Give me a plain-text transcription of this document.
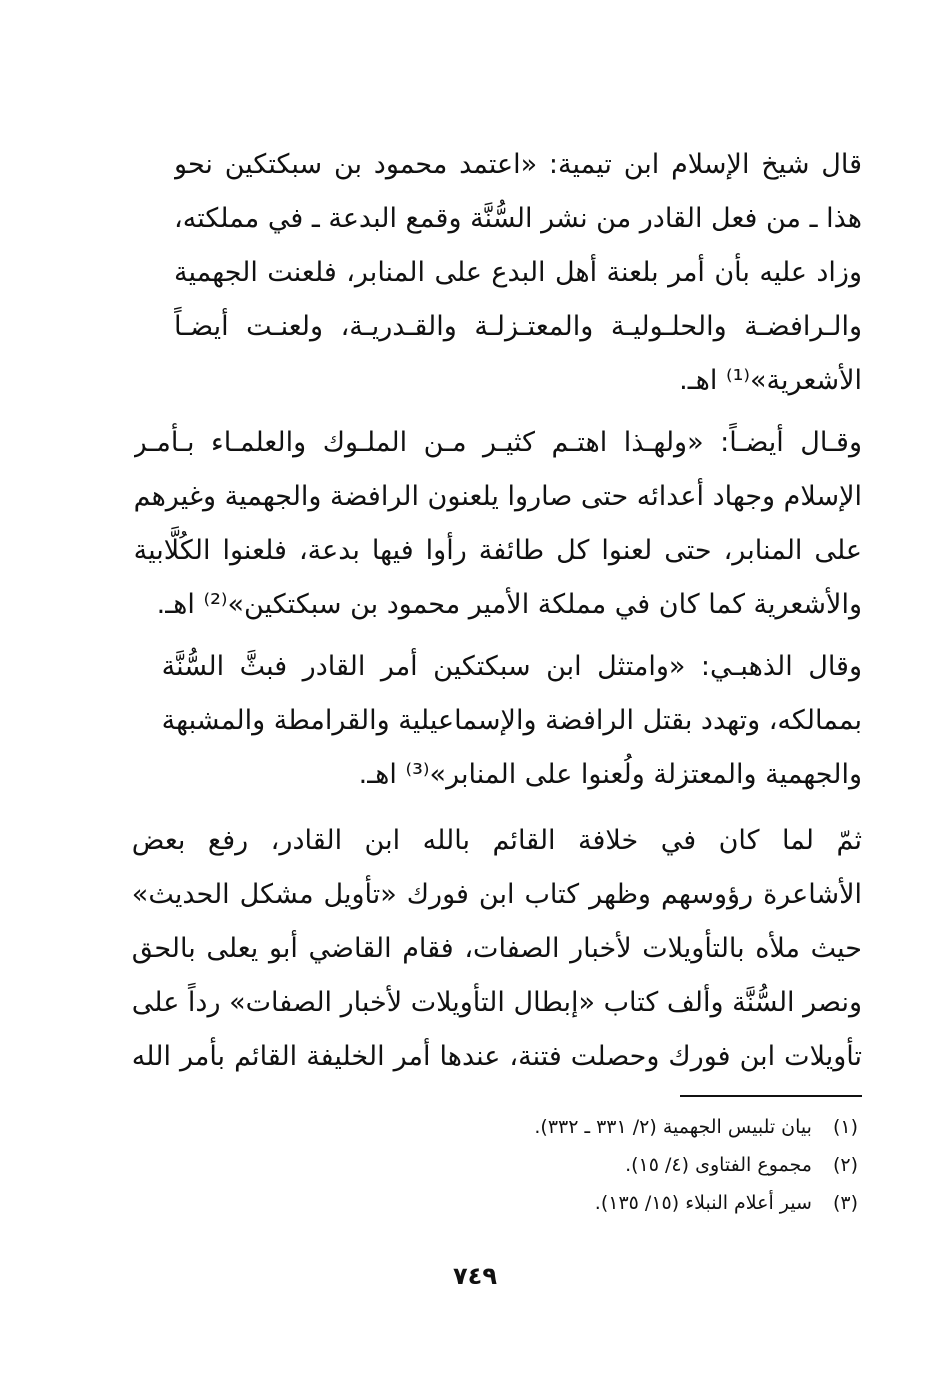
قال شيخ الإسلام ابن تيمية: «اعتمد محمود بن سبكتكين نحو
هذا ـ من فعل القادر من نشر السُّنَّة وقمع البدعة ـ في مملكته،
وزاد عليه بأن أمر بلعنة أهل البدع على المنابر، فلعنت الجهمية
والـرافضـة والحلـوليـة والمعتـزلـة والقـدريـة، ولعنـت أيضـاً
الأشعرية»⁽¹⁾ اهـ.
وقـال أيضـاً: «ولهـذا اهتـم كثيـر مـن الملـوك والعلمـاء بـأمـر
الإسلام وجهاد أعدائه حتى صاروا يلعنون الرافضة والجهمية وغيرهم
على المنابر، حتى لعنوا كل طائفة رأوا فيها بدعة، فلعنوا الكُلَّابية
والأشعرية كما كان في مملكة الأمير محمود بن سبكتكين»⁽²⁾ اهـ.
وقال الذهبـي: «وامتثل ابن سبكتكين أمر القادر فبثَّ السُّنَّة
بممالكه، وتهدد بقتل الرافضة والإسماعيلية والقرامطة والمشبهة
والجهمية والمعتزلة ولُعنوا على المنابر»⁽³⁾ اهـ.
ثمّ لما كان في خلافة القائم بالله ابن القادر، رفع بعض
الأشاعرة رؤوسهم وظهر كتاب ابن فورك «تأويل مشكل الحديث»
حيث ملأه بالتأويلات لأخبار الصفات، فقام القاضي أبو يعلى بالحق
ونصر السُّنَّة وألف كتاب «إبطال التأويلات لأخبار الصفات» رداً على
تأويلات ابن فورك وحصلت فتنة، عندها أمر الخليفة القائم بأمر الله
(١) بيان تلبيس الجهمية (٢/ ٣٣١ ـ ٣٣٢).
(٢) مجموع الفتاوى (٤/ ١٥).
(٣) سير أعلام النبلاء (١٥/ ١٣٥).
٧٤٩
